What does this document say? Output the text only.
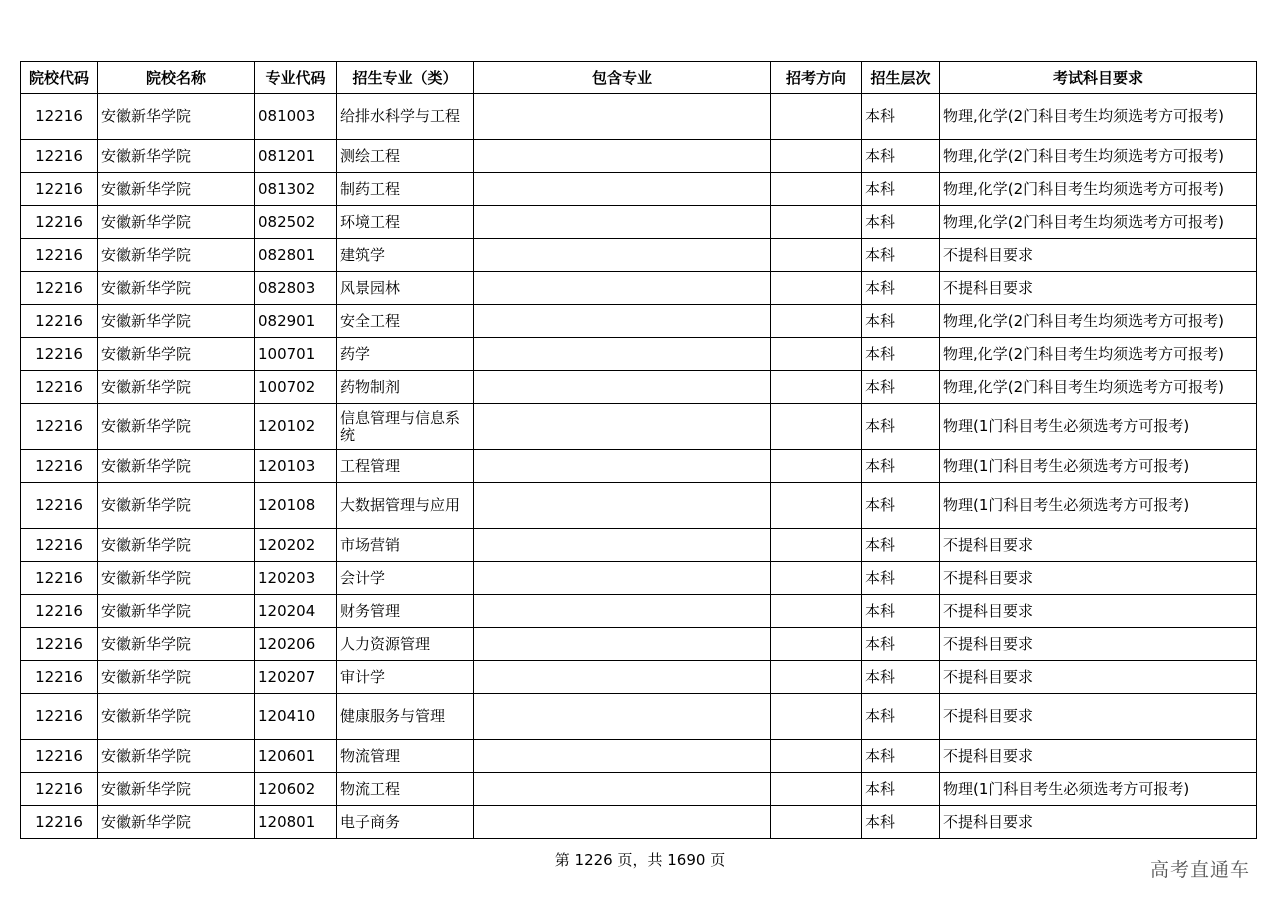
院校代码	院校名称	专业代码	招生专业（类）	包含专业	招考方向	招生层次	考试科目要求
12216	安徽新华学院	081003	给排水科学与工程			本科	物理,化学(2门科目考生均须选考方可报考)
12216	安徽新华学院	081201	测绘工程			本科	物理,化学(2门科目考生均须选考方可报考)
12216	安徽新华学院	081302	制药工程			本科	物理,化学(2门科目考生均须选考方可报考)
12216	安徽新华学院	082502	环境工程			本科	物理,化学(2门科目考生均须选考方可报考)
12216	安徽新华学院	082801	建筑学			本科	不提科目要求
12216	安徽新华学院	082803	风景园林			本科	不提科目要求
12216	安徽新华学院	082901	安全工程			本科	物理,化学(2门科目考生均须选考方可报考)
12216	安徽新华学院	100701	药学			本科	物理,化学(2门科目考生均须选考方可报考)
12216	安徽新华学院	100702	药物制剂			本科	物理,化学(2门科目考生均须选考方可报考)
12216	安徽新华学院	120102	信息管理与信息系统			本科	物理(1门科目考生必须选考方可报考)
12216	安徽新华学院	120103	工程管理			本科	物理(1门科目考生必须选考方可报考)
12216	安徽新华学院	120108	大数据管理与应用			本科	物理(1门科目考生必须选考方可报考)
12216	安徽新华学院	120202	市场营销			本科	不提科目要求
12216	安徽新华学院	120203	会计学			本科	不提科目要求
12216	安徽新华学院	120204	财务管理			本科	不提科目要求
12216	安徽新华学院	120206	人力资源管理			本科	不提科目要求
12216	安徽新华学院	120207	审计学			本科	不提科目要求
12216	安徽新华学院	120410	健康服务与管理			本科	不提科目要求
12216	安徽新华学院	120601	物流管理			本科	不提科目要求
12216	安徽新华学院	120602	物流工程			本科	物理(1门科目考生必须选考方可报考)
12216	安徽新华学院	120801	电子商务			本科	不提科目要求
第 1226 页，共 1690 页	高考直通车
